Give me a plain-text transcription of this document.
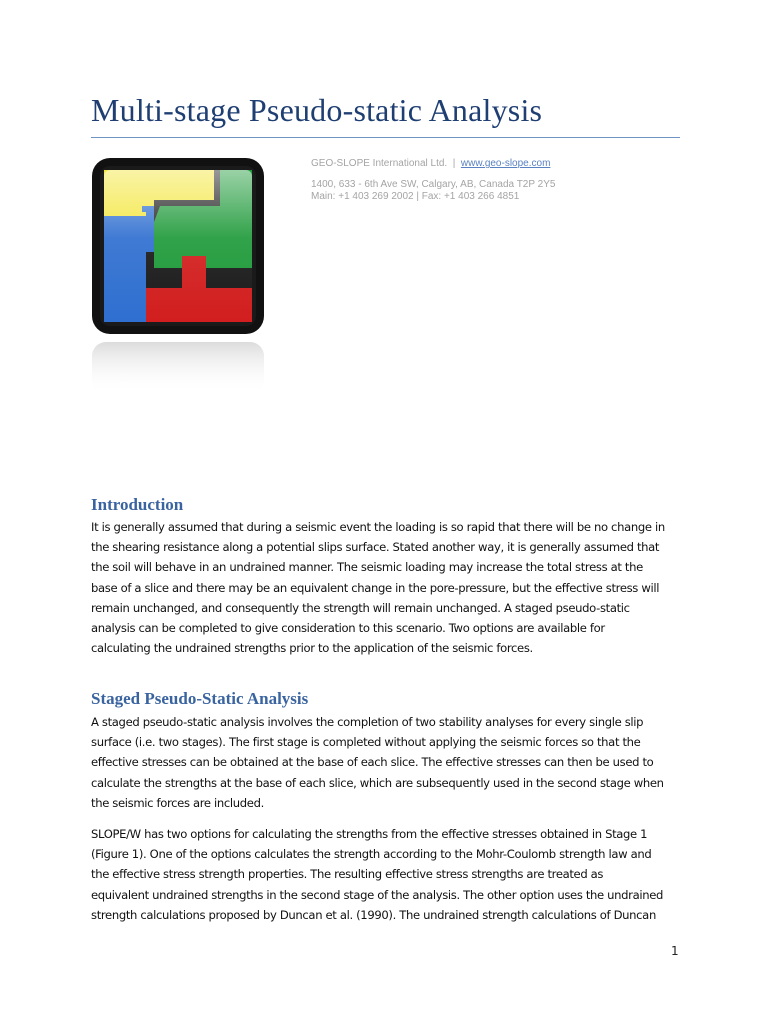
Multi-stage Pseudo-static Analysis
GEO-SLOPE International Ltd. | www.geo-slope.com
1400, 633 - 6th Ave SW, Calgary, AB, Canada T2P 2Y5
Main: +1 403 269 2002 | Fax: +1 403 266 4851
Introduction
It is generally assumed that during a seismic event the loading is so rapid that there will be no change in
the shearing resistance along a potential slips surface. Stated another way, it is generally assumed that
the soil will behave in an undrained manner. The seismic loading may increase the total stress at the
base of a slice and there may be an equivalent change in the pore-pressure, but the effective stress will
remain unchanged, and consequently the strength will remain unchanged. A staged pseudo-static
analysis can be completed to give consideration to this scenario. Two options are available for
calculating the undrained strengths prior to the application of the seismic forces.
Staged Pseudo-Static Analysis
A staged pseudo-static analysis involves the completion of two stability analyses for every single slip
surface (i.e. two stages). The first stage is completed without applying the seismic forces so that the
effective stresses can be obtained at the base of each slice. The effective stresses can then be used to
calculate the strengths at the base of each slice, which are subsequently used in the second stage when
the seismic forces are included.
SLOPE/W has two options for calculating the strengths from the effective stresses obtained in Stage 1
(Figure 1). One of the options calculates the strength according to the Mohr-Coulomb strength law and
the effective stress strength properties. The resulting effective stress strengths are treated as
equivalent undrained strengths in the second stage of the analysis. The other option uses the undrained
strength calculations proposed by Duncan et al. (1990). The undrained strength calculations of Duncan
1
